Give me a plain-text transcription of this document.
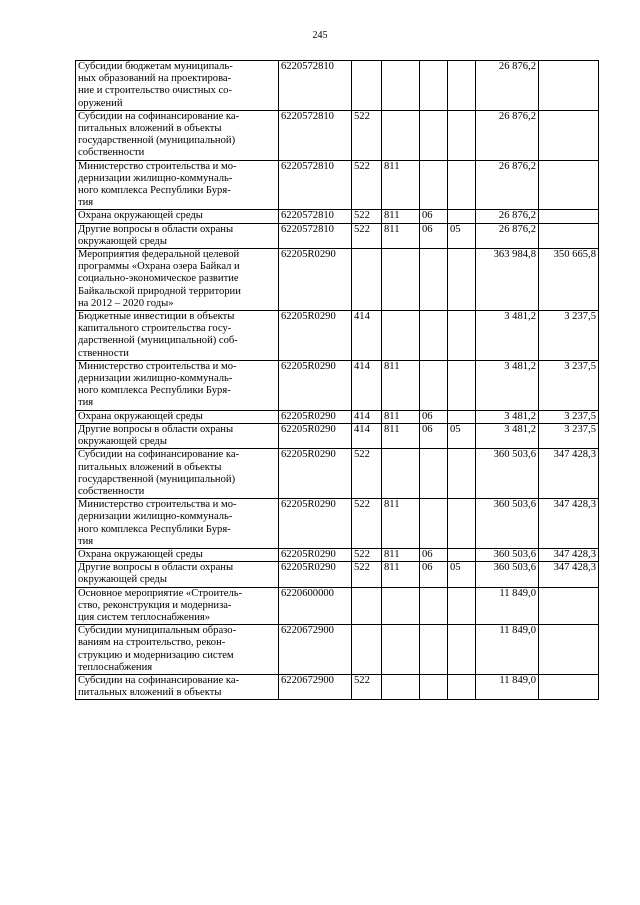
245
Субсидии бюджетам муниципаль-
ных образований на проектирова-
ние и строительство очистных со-
оружений	6220572810					26 876,2	

Субсидии на софинансирование ка-
питальных вложений в объекты
государственной (муниципальной)
собственности	6220572810	522				26 876,2	

Министерство строительства и мо-
дернизации жилищно-коммуналь-
ного комплекса Республики Буря-
тия	6220572810	522	811			26 876,2	

Охрана окружающей среды	6220572810	522	811	06		26 876,2	

Другие вопросы в области охраны
окружающей среды	6220572810	522	811	06	05	26 876,2	

Мероприятия федеральной целевой
программы «Охрана озера Байкал и
социально-экономическое развитие
Байкальской природной территории
на 2012 – 2020 годы»	62205R0290					363 984,8	350 665,8

Бюджетные инвестиции в объекты
капитального строительства госу-
дарственной (муниципальной) соб-
ственности	62205R0290	414				3 481,2	3 237,5

Министерство строительства и мо-
дернизации жилищно-коммуналь-
ного комплекса Республики Буря-
тия	62205R0290	414	811			3 481,2	3 237,5

Охрана окружающей среды	62205R0290	414	811	06		3 481,2	3 237,5

Другие вопросы в области охраны
окружающей среды	62205R0290	414	811	06	05	3 481,2	3 237,5

Субсидии на софинансирование ка-
питальных вложений в объекты
государственной (муниципальной)
собственности	62205R0290	522				360 503,6	347 428,3

Министерство строительства и мо-
дернизации жилищно-коммуналь-
ного комплекса Республики Буря-
тия	62205R0290	522	811			360 503,6	347 428,3

Охрана окружающей среды	62205R0290	522	811	06		360 503,6	347 428,3

Другие вопросы в области охраны
окружающей среды	62205R0290	522	811	06	05	360 503,6	347 428,3

Основное мероприятие «Строитель-
ство, реконструкция и модерниза-
ция систем теплоснабжения»	6220600000					11 849,0	

Субсидии муниципальным образо-
ваниям на строительство, рекон-
струкцию и модернизацию систем
теплоснабжения	6220672900					11 849,0	

Субсидии на софинансирование ка-
питальных вложений в объекты	6220672900	522				11 849,0	
